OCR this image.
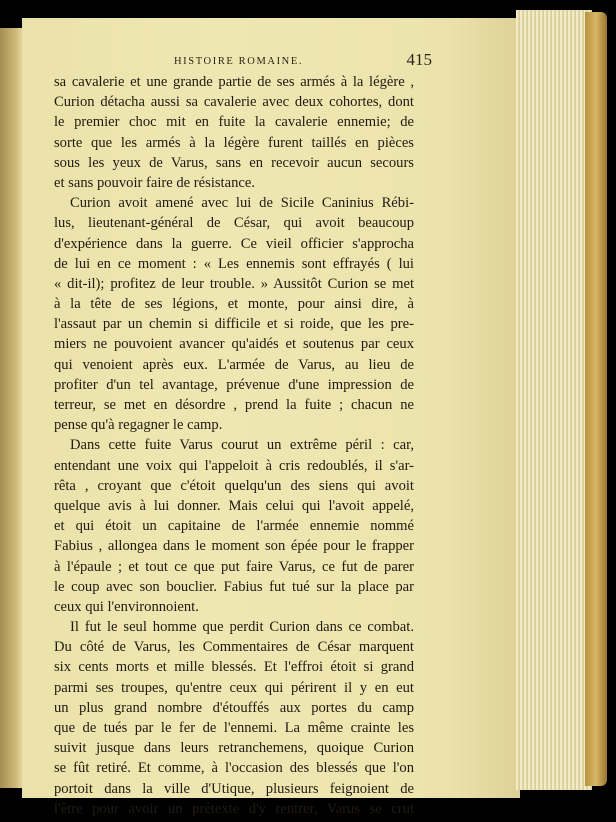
HISTOIRE ROMAINE.	415
sa cavalerie et une grande partie de ses armés à la légère ,
Curion détacha aussi sa cavalerie avec deux cohortes, dont
le premier choc mit en fuite la cavalerie ennemie; de
sorte que les armés à la légère furent taillés en pièces
sous les yeux de Varus, sans en recevoir aucun secours
et sans pouvoir faire de résistance.
Curion avoit amené avec lui de Sicile Caninius Rébi-
lus, lieutenant-général de César, qui avoit beaucoup
d'expérience dans la guerre. Ce vieil officier s'approcha
de lui en ce moment : « Les ennemis sont effrayés ( lui
« dit-il); profitez de leur trouble. » Aussitôt Curion se met
à la tête de ses légions, et monte, pour ainsi dire, à
l'assaut par un chemin si difficile et si roide, que les pre-
miers ne pouvoient avancer qu'aidés et soutenus par ceux
qui venoient après eux. L'armée de Varus, au lieu de
profiter d'un tel avantage, prévenue d'une impression de
terreur, se met en désordre , prend la fuite ; chacun ne
pense qu'à regagner le camp.
Dans cette fuite Varus courut un extrême péril : car,
entendant une voix qui l'appeloit à cris redoublés, il s'ar-
rêta , croyant que c'étoit quelqu'un des siens qui avoit
quelque avis à lui donner. Mais celui qui l'avoit appelé,
et qui étoit un capitaine de l'armée ennemie nommé
Fabius , allongea dans le moment son épée pour le frapper
à l'épaule ; et tout ce que put faire Varus, ce fut de parer
le coup avec son bouclier. Fabius fut tué sur la place par
ceux qui l'environnoient.
Il fut le seul homme que perdit Curion dans ce combat.
Du côté de Varus, les Commentaires de César marquent
six cents morts et mille blessés. Et l'effroi étoit si grand
parmi ses troupes, qu'entre ceux qui périrent il y en eut
un plus grand nombre d'étouffés aux portes du camp
que de tués par le fer de l'ennemi. La même crainte les
suivit jusque dans leurs retranchemens, quoique Curion
se fût retiré. Et comme, à l'occasion des blessés que l'on
portoit dans la ville d'Utique, plusieurs feignoient de
l'être pour avoir un prétexte d'y rentrer, Varus se crut
